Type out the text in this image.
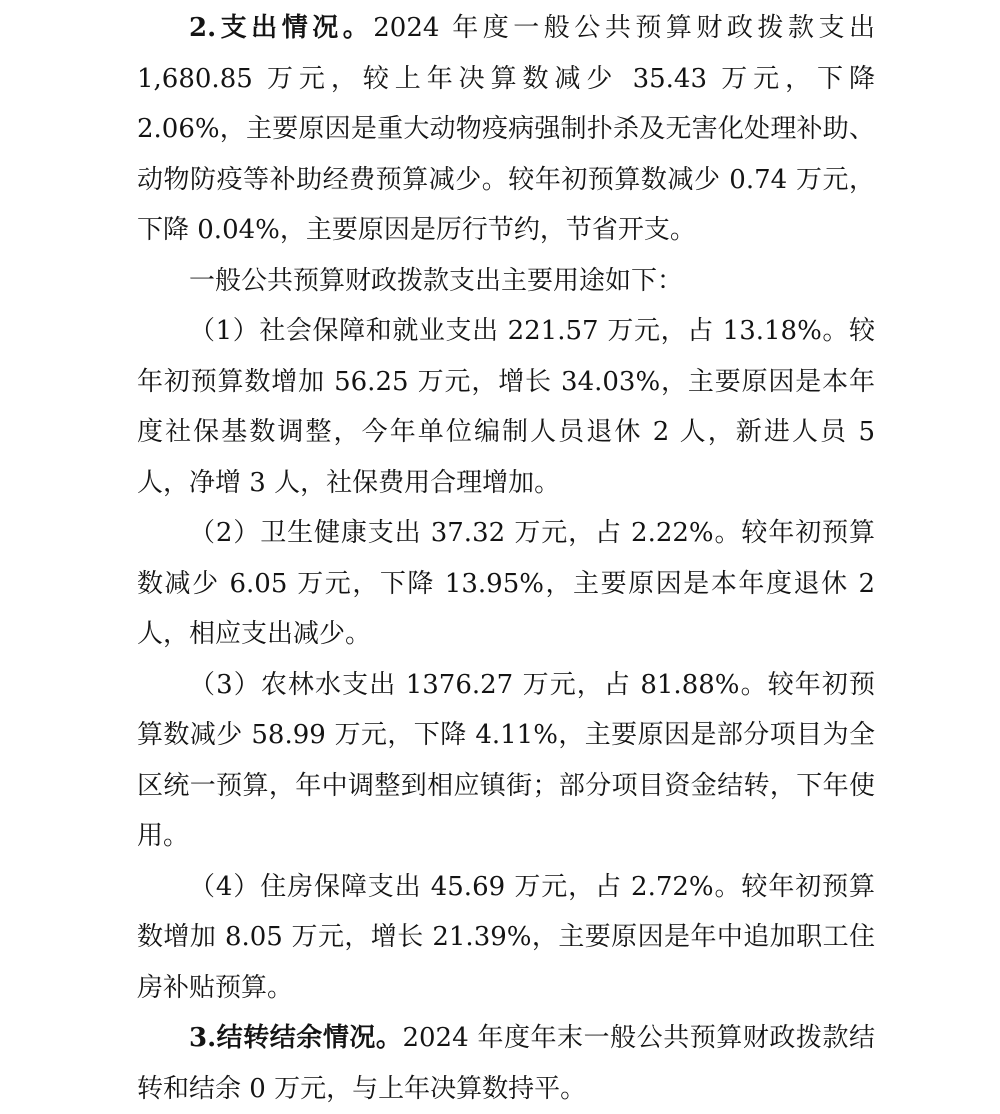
2.支出情况。2024 年度一般公共预算财政拨款支出 1,680.85 万元，较上年决算数减少 35.43 万元，下降 2.06%，主要原因是重大动物疫病强制扑杀及无害化处理补助、动物防疫等补助经费预算减少。较年初预算数减少 0.74 万元，下降 0.04%，主要原因是厉行节约，节省开支。

一般公共预算财政拨款支出主要用途如下：

（1）社会保障和就业支出 221.57 万元，占 13.18%。较年初预算数增加 56.25 万元，增长 34.03%，主要原因是本年度社保基数调整，今年单位编制人员退休 2 人，新进人员 5 人，净增 3 人，社保费用合理增加。

（2）卫生健康支出 37.32 万元，占 2.22%。较年初预算数减少 6.05 万元，下降 13.95%，主要原因是本年度退休 2 人，相应支出减少。

（3）农林水支出 1376.27 万元，占 81.88%。较年初预算数减少 58.99 万元，下降 4.11%，主要原因是部分项目为全区统一预算，年中调整到相应镇街；部分项目资金结转，下年使用。

（4）住房保障支出 45.69 万元，占 2.72%。较年初预算数增加 8.05 万元，增长 21.39%，主要原因是年中追加职工住房补贴预算。

3.结转结余情况。2024 年度年末一般公共预算财政拨款结转和结余 0 万元，与上年决算数持平。
